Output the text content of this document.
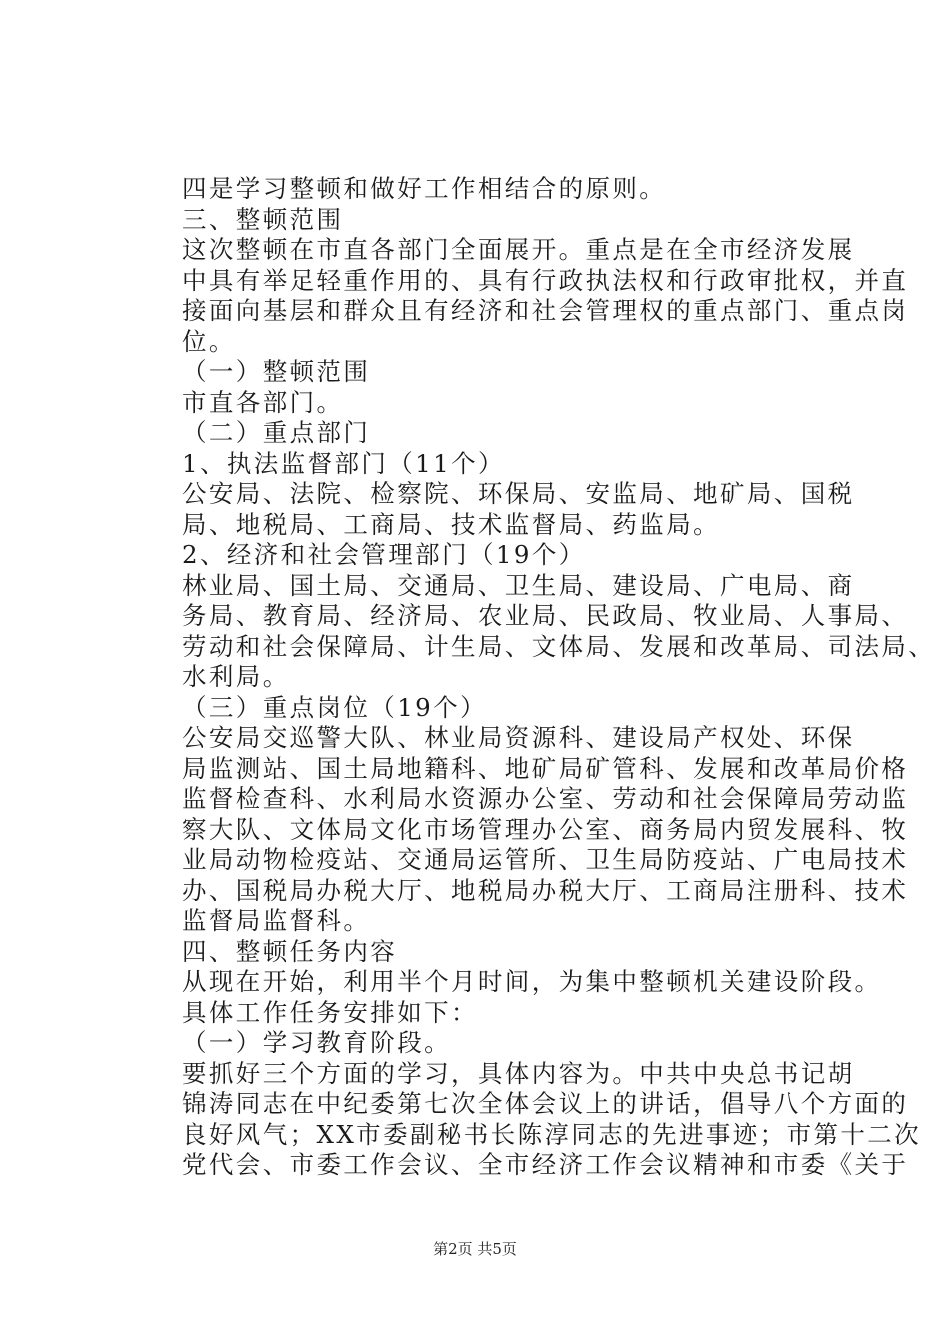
四是学习整顿和做好工作相结合的原则。
三、整顿范围
这次整顿在市直各部门全面展开。重点是在全市经济发展
中具有举足轻重作用的、具有行政执法权和行政审批权，并直
接面向基层和群众且有经济和社会管理权的重点部门、重点岗
位。
（一）整顿范围
市直各部门。
（二）重点部门
1、执法监督部门（11个）
公安局、法院、检察院、环保局、安监局、地矿局、国税
局、地税局、工商局、技术监督局、药监局。
2、经济和社会管理部门（19个）
林业局、国土局、交通局、卫生局、建设局、广电局、商
务局、教育局、经济局、农业局、民政局、牧业局、人事局、
劳动和社会保障局、计生局、文体局、发展和改革局、司法局、
水利局。
（三）重点岗位（19个）
公安局交巡警大队、林业局资源科、建设局产权处、环保
局监测站、国土局地籍科、地矿局矿管科、发展和改革局价格
监督检查科、水利局水资源办公室、劳动和社会保障局劳动监
察大队、文体局文化市场管理办公室、商务局内贸发展科、牧
业局动物检疫站、交通局运管所、卫生局防疫站、广电局技术
办、国税局办税大厅、地税局办税大厅、工商局注册科、技术
监督局监督科。
四、整顿任务内容
从现在开始，利用半个月时间，为集中整顿机关建设阶段。
具体工作任务安排如下：
（一）学习教育阶段。
要抓好三个方面的学习，具体内容为。中共中央总书记胡
锦涛同志在中纪委第七次全体会议上的讲话，倡导八个方面的
良好风气；XX市委副秘书长陈淳同志的先进事迹；市第十二次
党代会、市委工作会议、全市经济工作会议精神和市委《关于
第2页 共5页
